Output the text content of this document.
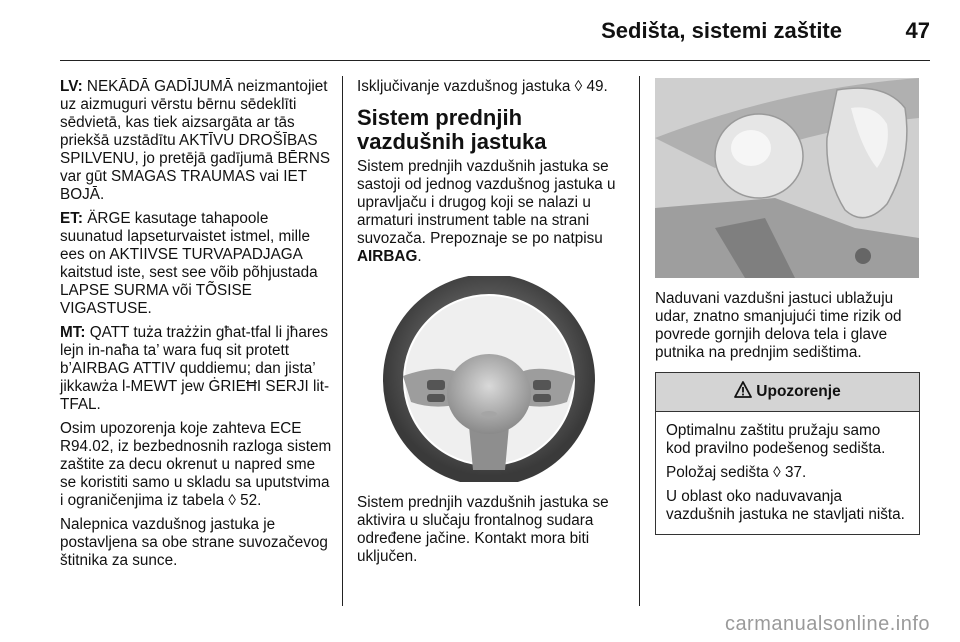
Sedišta, sistemi zaštite	47

LV: NEKĀDĀ GADĪJUMĀ neizmantojiet uz aizmuguri vērstu bērnu sēdeklīti sēdvietā, kas tiek aizsargāta ar tās priekšā uzstādītu AKTĪVU DROŠĪBAS SPILVENU, jo pretējā gadījumā BĒRNS var gūt SMAGAS TRAUMAS vai IET BOJĀ.

ET: ÄRGE kasutage tahapoole suunatud lapseturvaistet istmel, mille ees on AKTIIVSE TURVAPADJAGA kaitstud iste, sest see võib põhjustada LAPSE SURMA või TÕSISE VIGASTUSE.

MT: QATT tuża trażżin għat-tfal li jħares lejn in-naħa ta’ wara fuq sit protett b’AIRBAG ATTIV quddiemu; dan jista’ jikkawża l-MEWT jew ĠRIEĦI SERJI lit-TFAL.

Osim upozorenja koje zahteva ECE R94.02, iz bezbednosnih razloga sistem zaštite za decu okrenut u napred sme se koristiti samo u skladu sa uputstvima i ograničenjima iz tabela ◊ 52.

Nalepnica vazdušnog jastuka je postavljena sa obe strane suvozačevog štitnika za sunce.

Isključivanje vazdušnog jastuka ◊ 49.

Sistem prednjih vazdušnih jastuka

Sistem prednjih vazdušnih jastuka se sastoji od jednog vazdušnog jastuka u upravljaču i drugog koji se nalazi u armaturi instrument table na strani suvozača. Prepoznaje se po natpisu AIRBAG.

Sistem prednjih vazdušnih jastuka se aktivira u slučaju frontalnog sudara određene jačine. Kontakt mora biti uključen.

Naduvani vazdušni jastuci ublažuju udar, znatno smanjujući time rizik od povrede gornjih delova tela i glave putnika na prednjim sedištima.

Upozorenje

Optimalnu zaštitu pružaju samo kod pravilno podešenog sedišta.

Položaj sedišta ◊ 37.

U oblast oko naduvavanja vazdušnih jastuka ne stavljati ništa.

carmanualsonline.info
